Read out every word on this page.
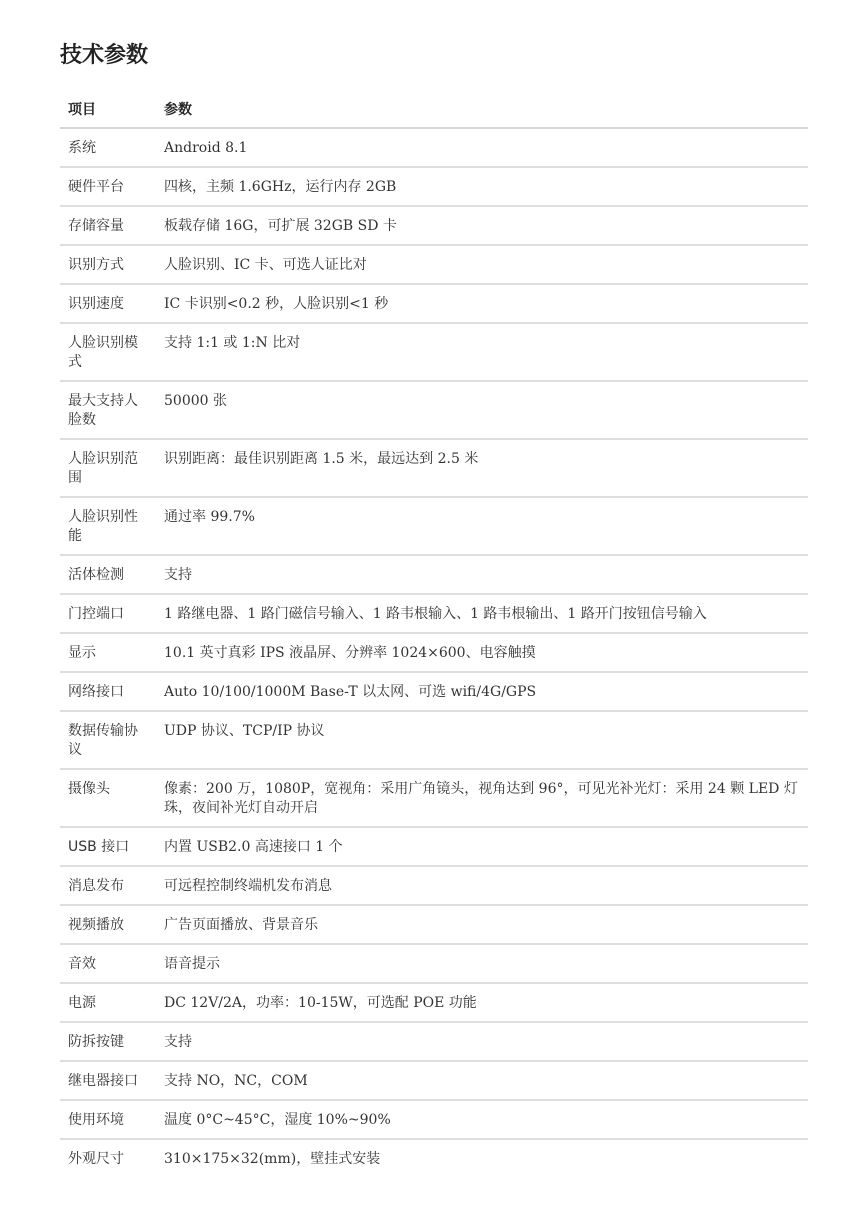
技术参数
项目	参数
系统	Android 8.1
硬件平台	四核，主频 1.6GHz，运行内存 2GB
存储容量	板载存储 16G，可扩展 32GB SD 卡
识别方式	人脸识别、IC 卡、可选人证比对
识别速度	IC 卡识别<0.2 秒，人脸识别<1 秒
人脸识别模式	支持 1:1 或 1:N 比对
最大支持人脸数	50000 张
人脸识别范围	识别距离：最佳识别距离 1.5 米，最远达到 2.5 米
人脸识别性能	通过率 99.7%
活体检测	支持
门控端口	1 路继电器、1 路门磁信号输入、1 路韦根输入、1 路韦根输出、1 路开门按钮信号输入
显示	10.1 英寸真彩 IPS 液晶屏、分辨率 1024×600、电容触摸
网络接口	Auto 10/100/1000M Base-T 以太网、可选 wifi/4G/GPS
数据传输协议	UDP 协议、TCP/IP 协议
摄像头	像素：200 万，1080P，宽视角：采用广角镜头，视角达到 96°，可见光补光灯：采用 24 颗 LED 灯珠，夜间补光灯自动开启
USB 接口	内置 USB2.0 高速接口 1 个
消息发布	可远程控制终端机发布消息
视频播放	广告页面播放、背景音乐
音效	语音提示
电源	DC 12V/2A，功率：10-15W，可选配 POE 功能
防拆按键	支持
继电器接口	支持 NO，NC，COM
使用环境	温度 0°C~45°C，湿度 10%~90%
外观尺寸	310×175×32(mm)，壁挂式安装
